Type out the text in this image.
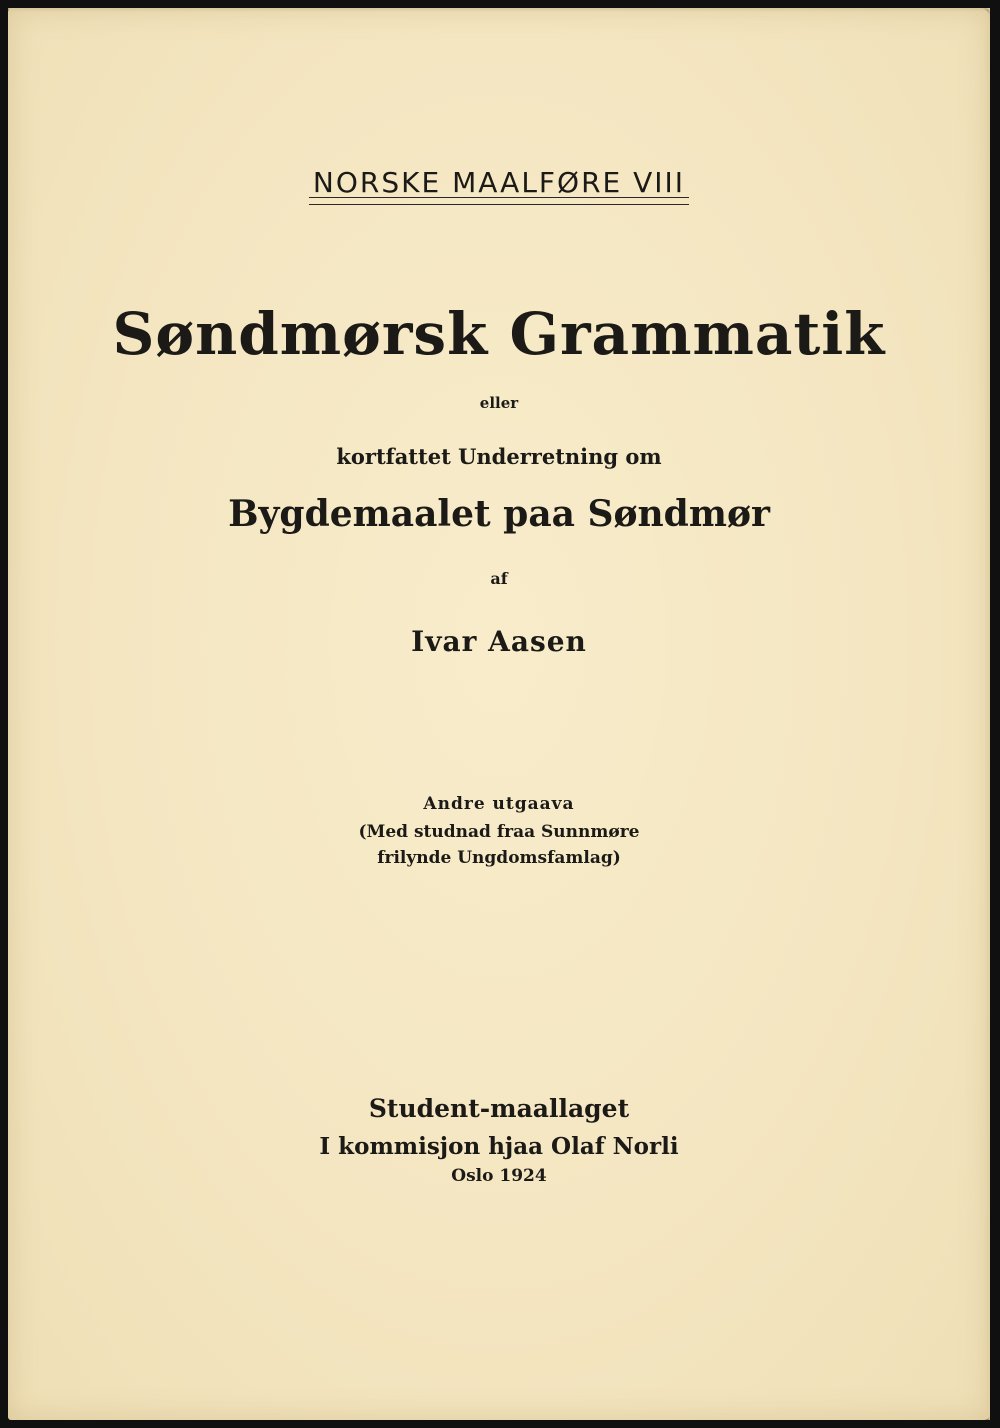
NORSKE MAALFØRE VIII
Søndmørsk Grammatik
eller
kortfattet Underretning om
Bygdemaalet paa Søndmør
af
Ivar Aasen
Andre utgaava
(Med studnad fraa Sunnmøre
frilynde Ungdomsfamlag)
Student-maallaget
I kommisjon hjaa Olaf Norli
Oslo 1924
